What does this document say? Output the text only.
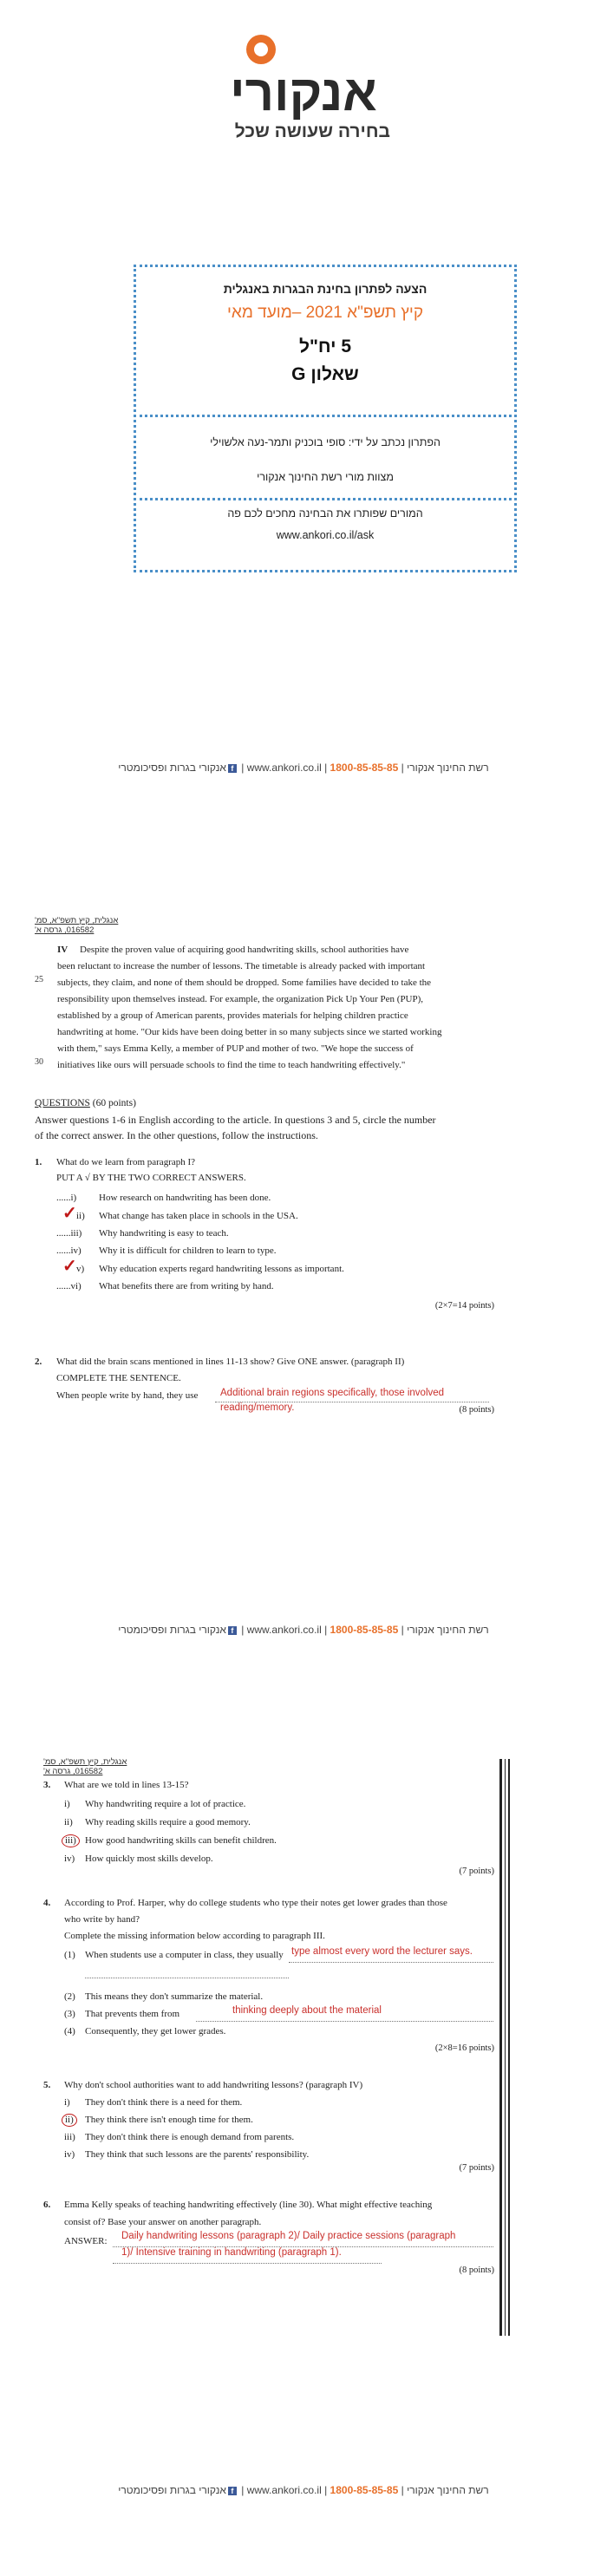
אנקורי
בחירה שעושה שכל
הצעה לפתרון בחינת הבגרות באנגלית
קיץ תשפ"א 2021 –מועד מאי
5 יח"ל
שאלון G
הפתרון נכתב על ידי: סופי בוכניק ותמר-נעה אלשוילי
מצוות מורי רשת החינוך אנקורי
המורים שפותרו את הבחינה מחכים לכם פה
www.ankori.co.il/ask
רשת החינוך אנקורי | 1800-85-85-85 | www.ankori.co.il | fאנקורי בגרות ופסיכומטרי
אנגלית, קיץ תשפ"א, סמ' 016582, גרסה א'
IV Despite the proven value of acquiring good handwriting skills, school authorities have
been reluctant to increase the number of lessons. The timetable is already packed with important
subjects, they claim, and none of them should be dropped. Some families have decided to take the
responsibility upon themselves instead. For example, the organization Pick Up Your Pen (PUP),
established by a group of American parents, provides materials for helping children practice
handwriting at home. "Our kids have been doing better in so many subjects since we started working
with them," says Emma Kelly, a member of PUP and mother of two. "We hope the success of
initiatives like ours will persuade schools to find the time to teach handwriting effectively."
25
30
QUESTIONS (60 points)
Answer questions 1-6 in English according to the article. In questions 3 and 5, circle the number
of the correct answer. In the other questions, follow the instructions.
1. What do we learn from paragraph I?
PUT A √ BY THE TWO CORRECT ANSWERS.
......i)	How research on handwriting has been done.
✓ ii) What change has taken place in schools in the USA.
......iii) Why handwriting is easy to teach.
......iv) Why it is difficult for children to learn to type.
✓ v) Why education experts regard handwriting lessons as important.
......vi) What benefits there are from writing by hand.
(2×7=14 points)
2. What did the brain scans mentioned in lines 11-13 show? Give ONE answer. (paragraph II)
COMPLETE THE SENTENCE.
When people write by hand, they use Additional brain regions specifically, those involved
reading/memory.	(8 points)
רשת החינוך אנקורי | 1800-85-85-85 | www.ankori.co.il | fאנקורי בגרות ופסיכומטרי
אנגלית, קיץ תשפ"א, סמ' 016582, גרסה א'
3. What are we told in lines 13-15?
i) Why handwriting require a lot of practice.
ii) Why reading skills require a good memory.
iii) How good handwriting skills can benefit children.
iv) How quickly most skills develop.
(7 points)
4. According to Prof. Harper, why do college students who type their notes get lower grades than those
who write by hand?
Complete the missing information below according to paragraph III.
(1) When students use a computer in class, they usually type almost every word the lecturer says.
(2) This means they don't summarize the material.
(3) That prevents them from	thinking deeply about the material
(4) Consequently, they get lower grades.
(2×8=16 points)
5. Why don't school authorities want to add handwriting lessons? (paragraph IV)
i) They don't think there is a need for them.
ii)	They think there isn't enough time for them.
iii) They don't think there is enough demand from parents.
iv) They think that such lessons are the parents' responsibility.
(7 points)
6. Emma Kelly speaks of teaching handwriting effectively (line 30). What might effective teaching
consist of? Base your answer on another paragraph.
ANSWER: Daily handwriting lessons (paragraph 2)/ Daily practice sessions (paragraph
1)/ Intensive training in handwriting (paragraph 1).
(8 points)
רשת החינוך אנקורי | 1800-85-85-85 | www.ankori.co.il | fאנקורי בגרות ופסיכומטרי
